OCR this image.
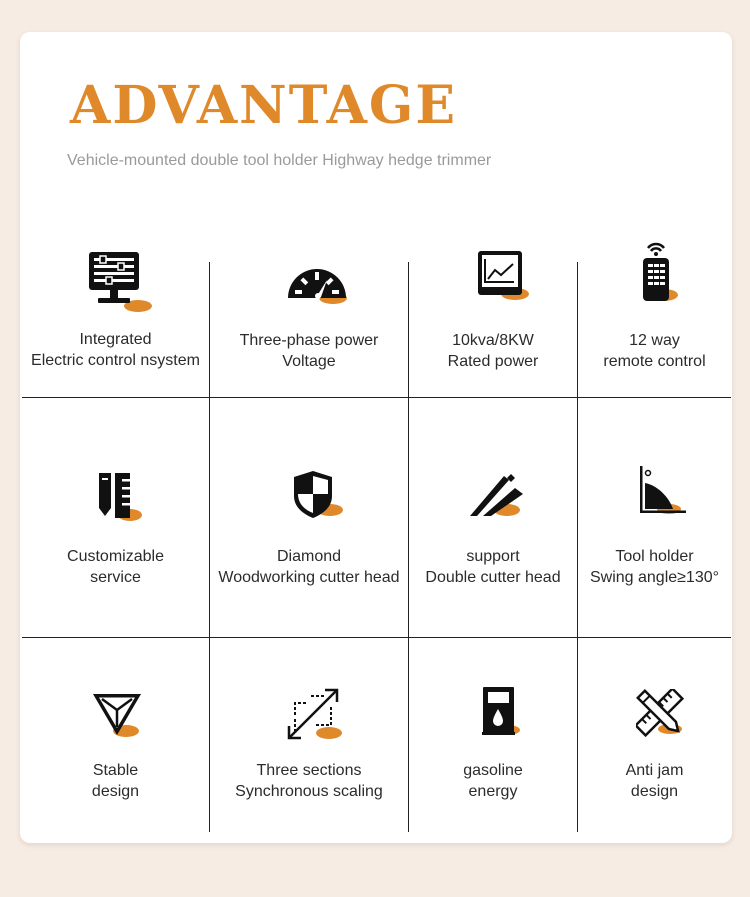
ADVANTAGE
Vehicle-mounted double tool holder Highway hedge trimmer
Integrated
Electric control nsystem
Three-phase power
Voltage
10kva/8KW
Rated power
12 way
remote control
Customizable
service
Diamond
Woodworking cutter head
support
Double cutter head
Tool holder
Swing angle≥130°
Stable
design
Three sections
Synchronous scaling
gasoline
energy
Anti jam
design
